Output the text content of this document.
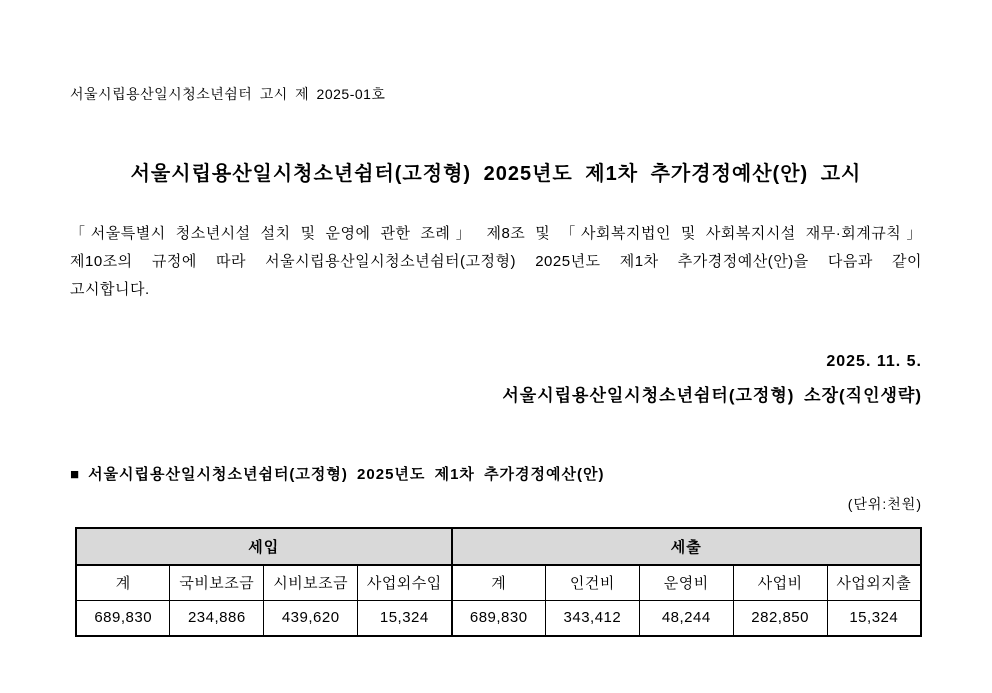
서울시립용산일시청소년쉼터 고시 제 2025-01호
서울시립용산일시청소년쉼터(고정형) 2025년도 제1차 추가경정예산(안) 고시
「서울특별시 청소년시설 설치 및 운영에 관한 조례」 제8조 및 「사회복지법인 및 사회복지시설 재무·회계규칙」
제10조의 규정에 따라 서울시립용산일시청소년쉼터(고정형) 2025년도 제1차 추가경정예산(안)을 다음과 같이
고시합니다.
2025. 11. 5.
서울시립용산일시청소년쉼터(고정형) 소장(직인생략)
■ 서울시립용산일시청소년쉼터(고정형) 2025년도 제1차 추가경정예산(안)
(단위:천원)
세입				세출				
계	국비보조금	시비보조금	사업외수입	계	인건비	운영비	사업비	사업외지출
689,830	234,886	439,620	15,324	689,830	343,412	48,244	282,850	15,324
